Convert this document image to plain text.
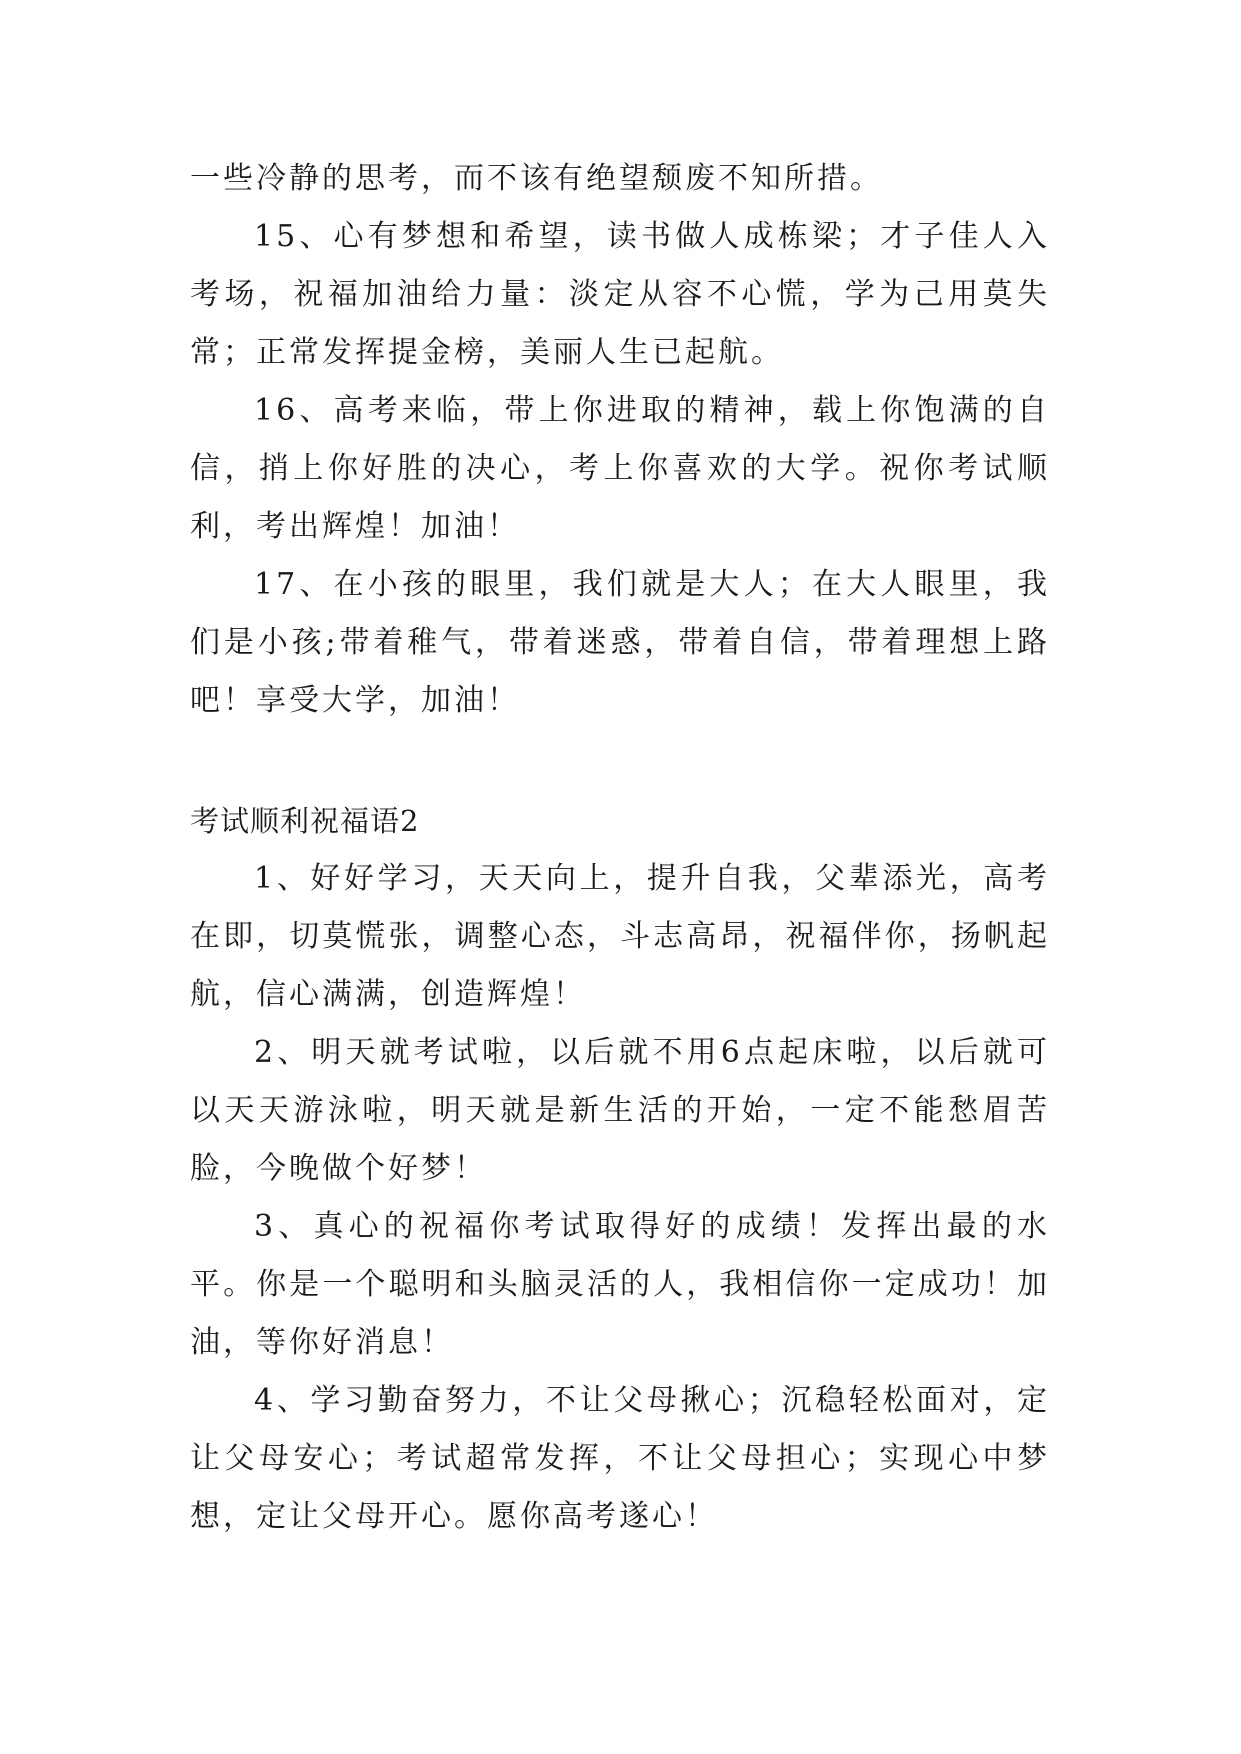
一些冷静的思考，而不该有绝望颓废不知所措。

15、心有梦想和希望，读书做人成栋梁；才子佳人入考场，祝福加油给力量：淡定从容不心慌，学为己用莫失常；正常发挥提金榜，美丽人生已起航。

16、高考来临，带上你进取的精神，载上你饱满的自信，捎上你好胜的决心，考上你喜欢的大学。祝你考试顺利，考出辉煌！加油！

17、在小孩的眼里，我们就是大人；在大人眼里，我们是小孩;带着稚气，带着迷惑，带着自信，带着理想上路吧！享受大学，加油！

考试顺利祝福语2

1、好好学习，天天向上，提升自我，父辈添光，高考在即，切莫慌张，调整心态，斗志高昂，祝福伴你，扬帆起航，信心满满，创造辉煌！

2、明天就考试啦，以后就不用6点起床啦，以后就可以天天游泳啦，明天就是新生活的开始，一定不能愁眉苦脸，今晚做个好梦！

3、真心的祝福你考试取得好的成绩！发挥出最的水平。你是一个聪明和头脑灵活的人，我相信你一定成功！加油，等你好消息！

4、学习勤奋努力，不让父母揪心；沉稳轻松面对，定让父母安心；考试超常发挥，不让父母担心；实现心中梦想，定让父母开心。愿你高考遂心！
